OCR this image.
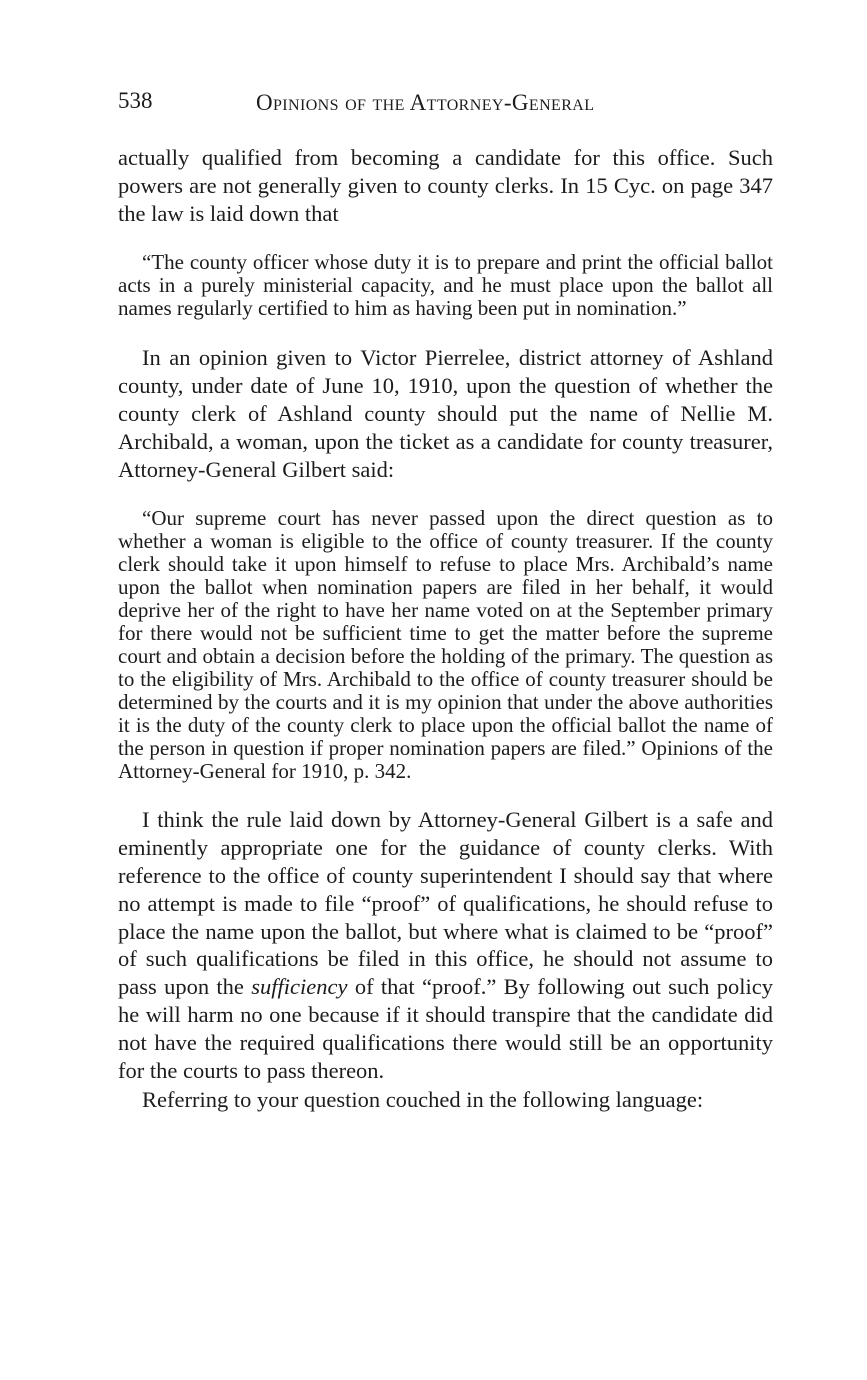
538	Opinions of the Attorney-General

actually qualified from becoming a candidate for this office. Such powers are not generally given to county clerks. In 15 Cyc. on page 347 the law is laid down that

“The county officer whose duty it is to prepare and print the official ballot acts in a purely ministerial capacity, and he must place upon the ballot all names regularly certified to him as having been put in nomination.”

In an opinion given to Victor Pierrelee, district attorney of Ashland county, under date of June 10, 1910, upon the question of whether the county clerk of Ashland county should put the name of Nellie M. Archibald, a woman, upon the ticket as a candidate for county treasurer, Attorney-General Gilbert said:

“Our supreme court has never passed upon the direct question as to whether a woman is eligible to the office of county treasurer. If the county clerk should take it upon himself to refuse to place Mrs. Archibald’s name upon the ballot when nomination papers are filed in her behalf, it would deprive her of the right to have her name voted on at the September primary for there would not be sufficient time to get the matter before the supreme court and obtain a decision before the holding of the primary. The question as to the eligibility of Mrs. Archibald to the office of county treasurer should be determined by the courts and it is my opinion that under the above authorities it is the duty of the county clerk to place upon the official ballot the name of the person in question if proper nomination papers are filed.” Opinions of the Attorney-General for 1910, p. 342.

I think the rule laid down by Attorney-General Gilbert is a safe and eminently appropriate one for the guidance of county clerks. With reference to the office of county superintendent I should say that where no attempt is made to file “proof” of qualifications, he should refuse to place the name upon the ballot, but where what is claimed to be “proof” of such qualifications be filed in this office, he should not assume to pass upon the sufficiency of that “proof.” By following out such policy he will harm no one because if it should transpire that the candidate did not have the required qualifications there would still be an opportunity for the courts to pass thereon.

Referring to your question couched in the following language:
